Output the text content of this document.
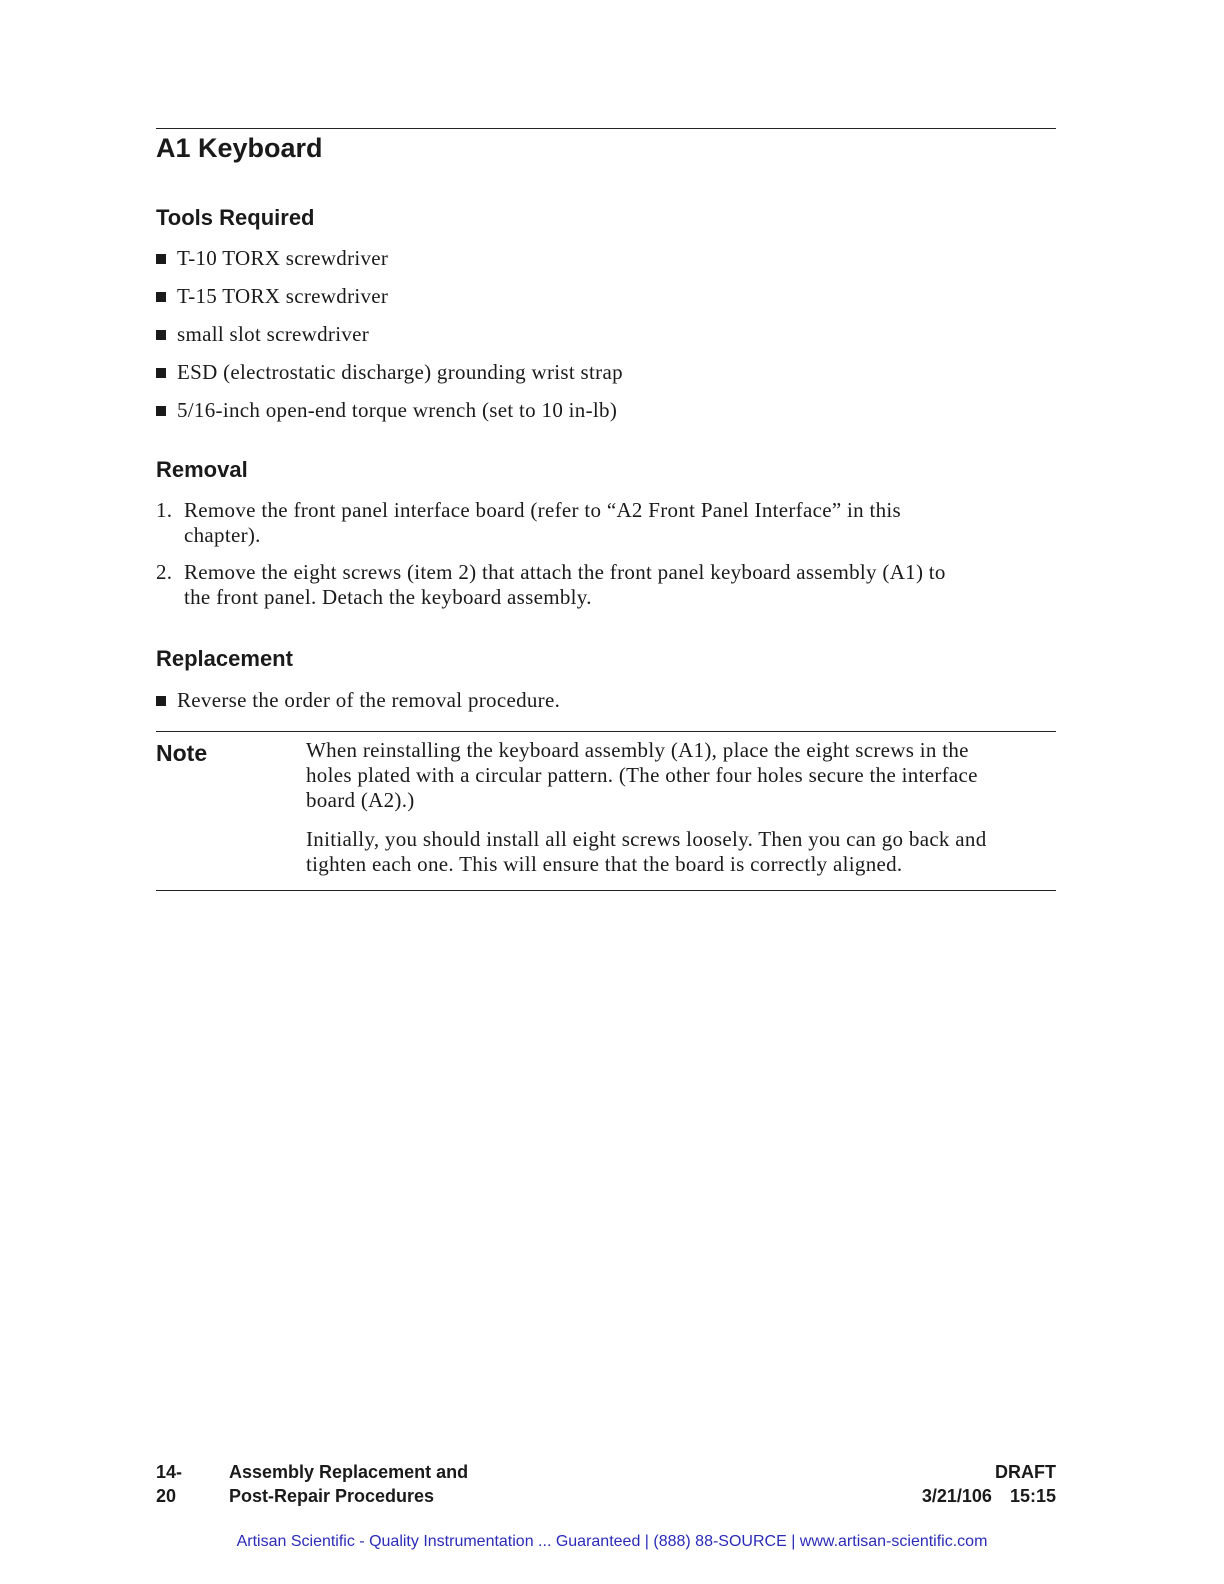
A1 Keyboard
Tools Required
T-10 TORX screwdriver
T-15 TORX screwdriver
small slot screwdriver
ESD (electrostatic discharge) grounding wrist strap
5/16-inch open-end torque wrench (set to 10 in-lb)
Removal
1. Remove the front panel interface board (refer to “A2 Front Panel Interface” in this
chapter).
2. Remove the eight screws (item 2) that attach the front panel keyboard assembly (A1) to
the front panel. Detach the keyboard assembly.
Replacement
Reverse the order of the removal procedure.
Note	When reinstalling the keyboard assembly (A1), place the eight screws in the
holes plated with a circular pattern. (The other four holes secure the interface
board (A2).)

Initially, you should install all eight screws loosely. Then you can go back and
tighten each one. This will ensure that the board is correctly aligned.

14-20
Assembly Replacement and
Post-Repair Procedures
DRAFT
3/21/106 15:15
Artisan Scientific - Quality Instrumentation ... Guaranteed | (888) 88-SOURCE | www.artisan-scientific.com
